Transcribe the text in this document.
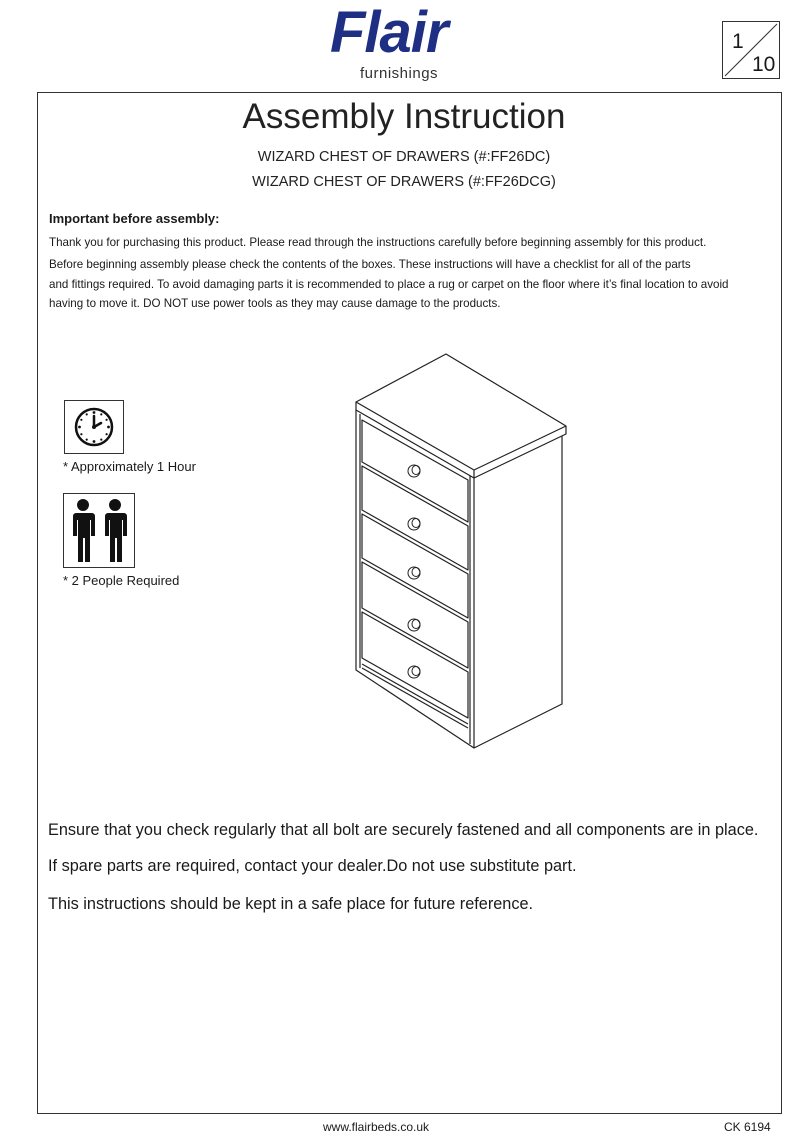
Flair
furnishings
1
10
Assembly Instruction
WIZARD CHEST OF DRAWERS (#:FF26DC)
WIZARD CHEST OF DRAWERS (#:FF26DCG)
Important before assembly:
Thank you for purchasing this product. Please read through the instructions carefully before beginning assembly for this product.
Before beginning assembly please check the contents of the boxes. These instructions will have a checklist for all of the parts
and fittings required. To avoid damaging parts it is recommended to place a rug or carpet on the floor where it’s final location to avoid
having to move it. DO NOT use power tools as they may cause damage to the products.
* Approximately 1 Hour
* 2 People Required
Ensure that you check regularly that all bolt are securely fastened and all components are in place.
If spare parts are required, contact your dealer.Do not use substitute part.
This instructions should be kept in a safe place for future reference.
www.flairbeds.co.uk	CK 6194
